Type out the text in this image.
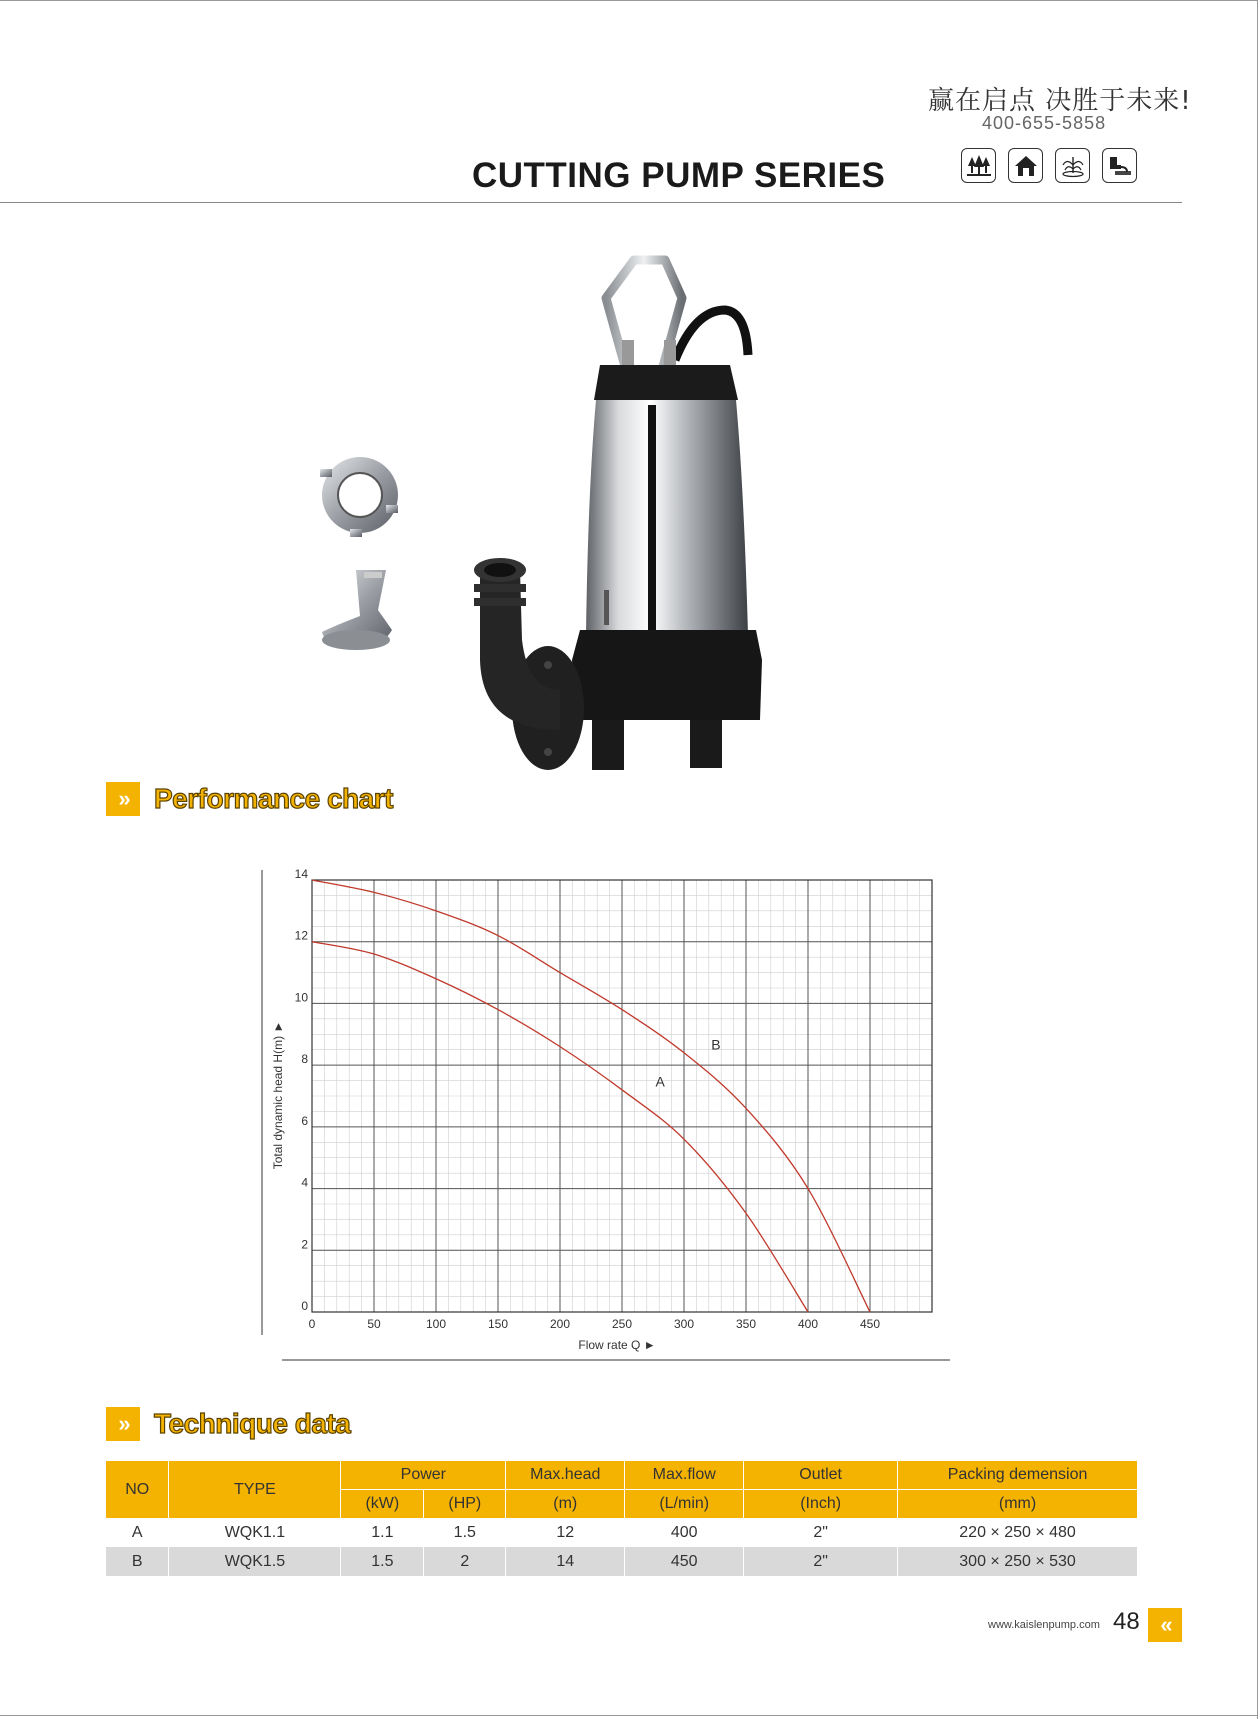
赢在启点 决胜于未来!
400-655-5858
CUTTING PUMP SERIES
» Performance chart
0	50	100	150	200	250	300	350	400	450
0
2
4
6
8
10
12
14
Flow rate Q ►
Total dynamic head H(m) ►	A
B
» Technique data
NO	TYPE	Power		Max.head	Max.flow	Outlet	Packing demension
		(kW)	(HP)	(m)	(L/min)	(Inch)	(mm)
A	WQK1.1	1.1	1.5	12	400	2"	220 × 250 × 480
B	WQK1.5	1.5	2	14	450	2"	300 × 250 × 530
www.kaislenpump.com 48 «
